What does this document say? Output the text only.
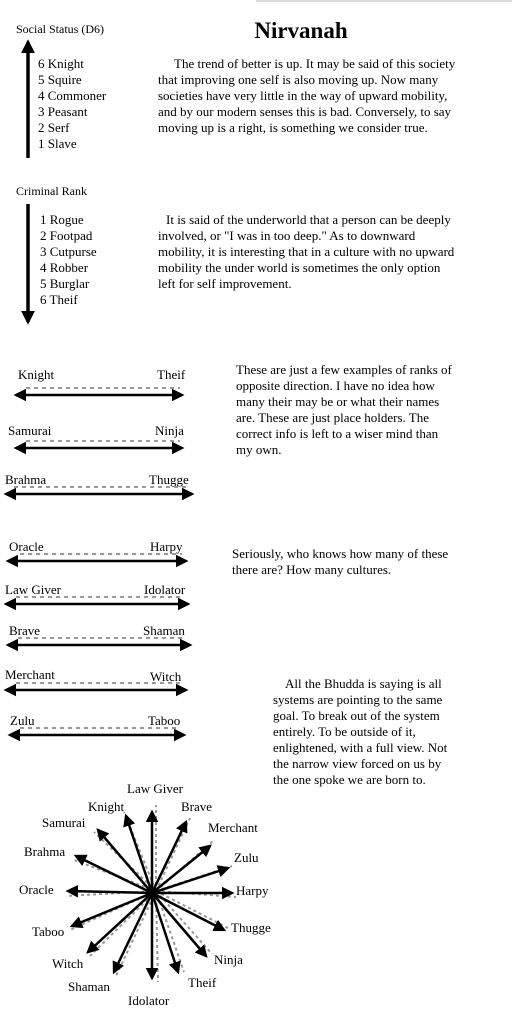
Nirvanah
Social Status (D6)
6 Knight
5 Squire
4 Commoner
3 Peasant
2 Serf
1 Slave
The trend of better is up. It may be said of this society that improving one self is also moving up. Now many societies have very little in the way of upward mobility, and by our modern senses this is bad. Conversely, to say moving up is a right, is something we consider true.
Criminal Rank
1 Rogue
2 Footpad
3 Cutpurse
4 Robber
5 Burglar
6 Theif
It is said of the underworld that a person can be deeply involved, or "I was in too deep." As to downward mobility, it is interesting that in a culture with no upward mobility the under world is sometimes the only option left for self improvement.
These are just a few examples of ranks of opposite direction. I have no idea how many their may be or what their names are. These are just place holders. The correct info is left to a wiser mind than my own.
Seriously, who knows how many of these there are? How many cultures.
All the Bhudda is saying is all systems are pointing to the same goal. To break out of the system entirely. To be outside of it, enlightened, with a full view. Not the narrow view forced on us by the one spoke we are born to.
Knight	Theif
Samurai	Ninja
Brahma	Thugge
Oracle	Harpy
Law Giver	Idolator
Brave	Shaman
Merchant	Witch
Zulu	Taboo
Law Giver
Brave
Merchant
Zulu
Harpy
Thugge
Ninja
Theif
Idolator
Shaman
Witch
Taboo
Oracle
Brahma
Samurai
Knight
